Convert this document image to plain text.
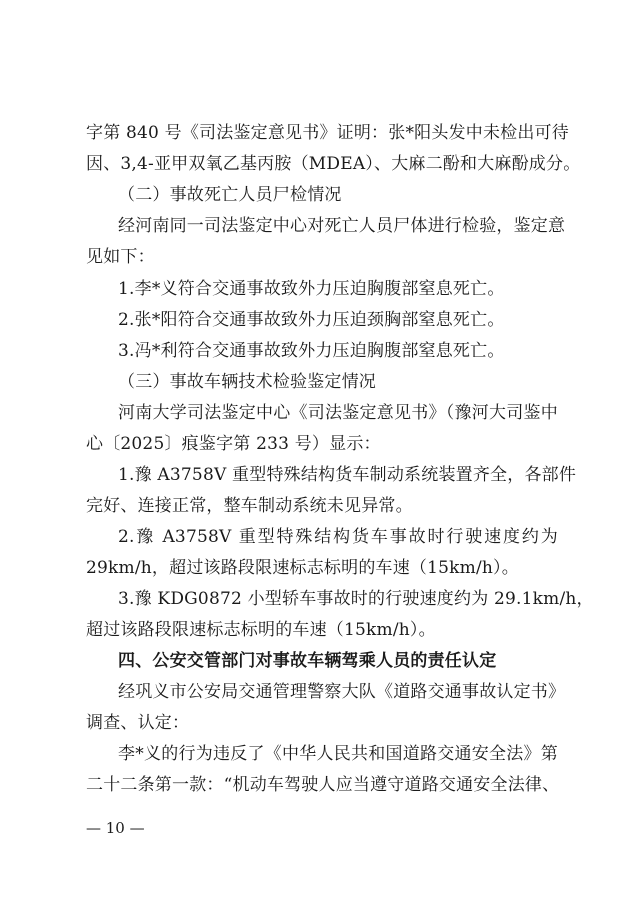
字第 840 号《司法鉴定意见书》证明：张*阳头发中未检出可待
因、3,4-亚甲双氧乙基丙胺（MDEA）、大麻二酚和大麻酚成分。
（二）事故死亡人员尸检情况
经河南同一司法鉴定中心对死亡人员尸体进行检验，鉴定意
见如下：
1.李*义符合交通事故致外力压迫胸腹部窒息死亡。
2.张*阳符合交通事故致外力压迫颈胸部窒息死亡。
3.冯*利符合交通事故致外力压迫胸腹部窒息死亡。
（三）事故车辆技术检验鉴定情况
河南大学司法鉴定中心《司法鉴定意见书》（豫河大司鉴中
心〔2025〕痕鉴字第 233 号）显示：
1.豫 A3758V 重型特殊结构货车制动系统装置齐全，各部件
完好、连接正常，整车制动系统未见异常。
2.豫 A3758V 重型特殊结构货车事故时行驶速度约为
29km/h，超过该路段限速标志标明的车速（15km/h）。
3.豫 KDG0872 小型轿车事故时的行驶速度约为 29.1km/h，
超过该路段限速标志标明的车速（15km/h）。
四、公安交管部门对事故车辆驾乘人员的责任认定
经巩义市公安局交通管理警察大队《道路交通事故认定书》
调查、认定：
李*义的行为违反了《中华人民共和国道路交通安全法》第
二十二条第一款：“机动车驾驶人应当遵守道路交通安全法律、
— 10 —
